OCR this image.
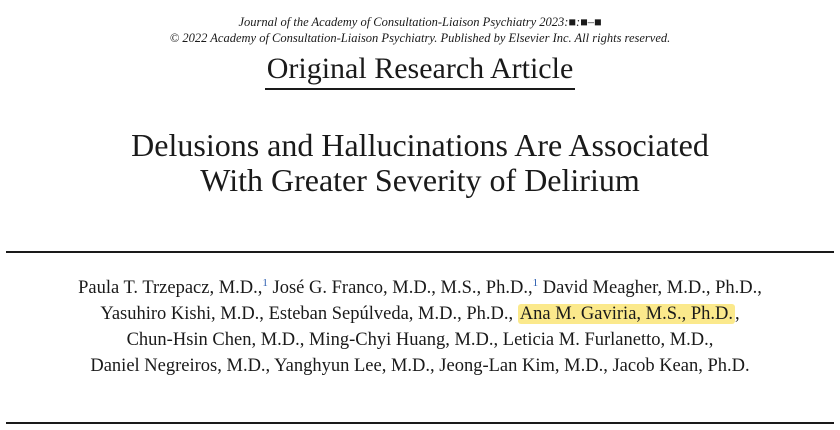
Journal of the Academy of Consultation-Liaison Psychiatry 2023:■:■–■
© 2022 Academy of Consultation-Liaison Psychiatry. Published by Elsevier Inc. All rights reserved.
Original Research Article
Delusions and Hallucinations Are Associated
With Greater Severity of Delirium
Paula T. Trzepacz, M.D.,$^1$ José G. Franco, M.D., M.S., Ph.D.,$^1$ David Meagher, M.D., Ph.D.,
Yasuhiro Kishi, M.D., Esteban Sepúlveda, M.D., Ph.D., Ana M. Gaviria, M.S., Ph.D. ,
Chun-Hsin Chen, M.D., Ming-Chyi Huang, M.D., Leticia M. Furlanetto, M.D.,
Daniel Negreiros, M.D., Yanghyun Lee, M.D., Jeong-Lan Kim, M.D., Jacob Kean, Ph.D.
